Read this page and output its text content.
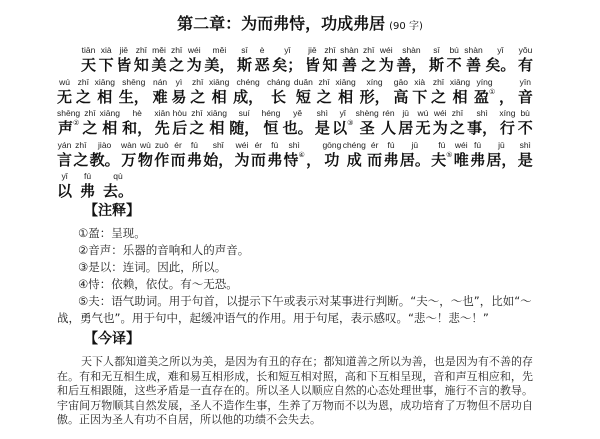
第二章：为而弗恃，功成弗居 (90 字)
tiān
天
xià
下
jiē
皆
zhī
知
měi
美
zhī
之
wéi
为
měi
美，
sī
斯
è
恶
yǐ
矣；
jiē
皆
zhī
知
shàn
善
zhī
之
wéi
为
shàn
善，
sī
斯
bú
不
shàn
善
yǐ
矣。
yǒu
有
wú
无
zhī
之
xiāng
相
shēng
生，
nán
难
yì
易
zhī
之
xiāng
相
chéng
成，
cháng
长
duǎn
短
zhī
之
xiāng
相
xíng
形，
gāo
高
xià
下
zhī
之
xiāng
相
yíng
盈① ，
yīn
音
shēng
声②
zhī
之
xiāng
相
hè
和，
xiān
先
hòu
后
zhī
之
xiāng
相
suí
随，
héng
恒
yě
也。
shì
是
yǐ
以③
shèng
圣
rén
人
jū
居
wú
无
wéi
为
zhī
之
shì
事，
xíng
行
bù
不
yán
言
zhī
之
jiào
教。
wàn
万
wù
物
zuò
作
ér
而
fú
弗
shǐ
始，
wéi
为
ér
而
fú
弗
shì
恃④ ，
gōng
功
chéng
成
ér
而
fú
弗
jū
居。
fú
夫⑤
wéi
唯
fú
弗
jū
居，
shì
是
yǐ
以
fú
弗
qù
去。
【注释】

①盈：呈现。

②音声：乐器的音响和人的声音。

③是以：连词。因此，所以。

④恃：依赖，依仗。有～无恐。

⑤夫：语气助词。用于句首，以提示下午或表示对某事进行判断。“夫～，～也”，比如“～战，勇气也”。用于句中，起缓冲语气的作用。用于句尾，表示感叹。“悲～！悲～！”

【今译】
天下人都知道美之所以为美，是因为有丑的存在；都知道善之所以为善，也是因为有不善的存在。有和无互相生成，难和易互相形成，长和短互相对照，高和下互相呈现，音和声互相应和，先和后互相跟随，这些矛盾是一直存在的。所以圣人以顺应自然的心态处理世事，施行不言的教导。宇宙间万物顺其自然发展，圣人不造作生事，生养了万物而不以为恩，成功培育了万物但不居功自傲。正因为圣人有功不自居，所以他的功绩不会失去。
